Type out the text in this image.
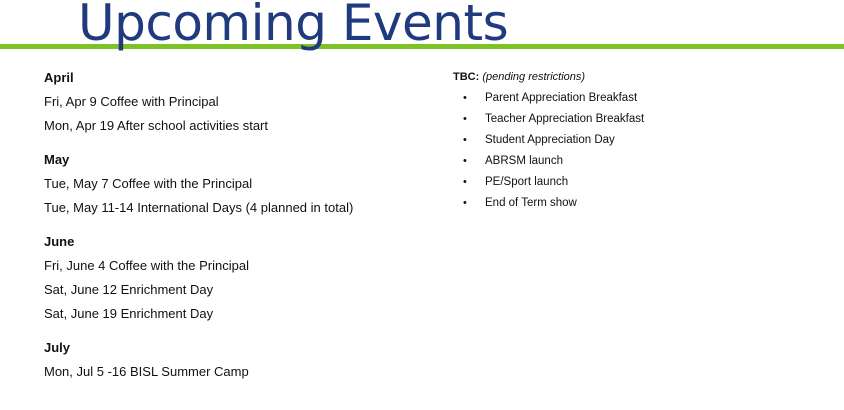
Upcoming Events
April
Fri, Apr 9 Coffee with Principal
Mon, Apr 19 After school activities start
May
Tue, May 7 Coffee with the Principal
Tue, May 11-14 International Days (4 planned in total)
June
Fri, June 4 Coffee with the Principal
Sat, June 12 Enrichment Day
Sat, June 19 Enrichment Day
July
Mon, Jul 5 -16 BISL Summer Camp
TBC: (pending restrictions)
• Parent Appreciation Breakfast
• Teacher Appreciation Breakfast
• Student Appreciation Day
• ABRSM launch
• PE/Sport launch
• End of Term show
